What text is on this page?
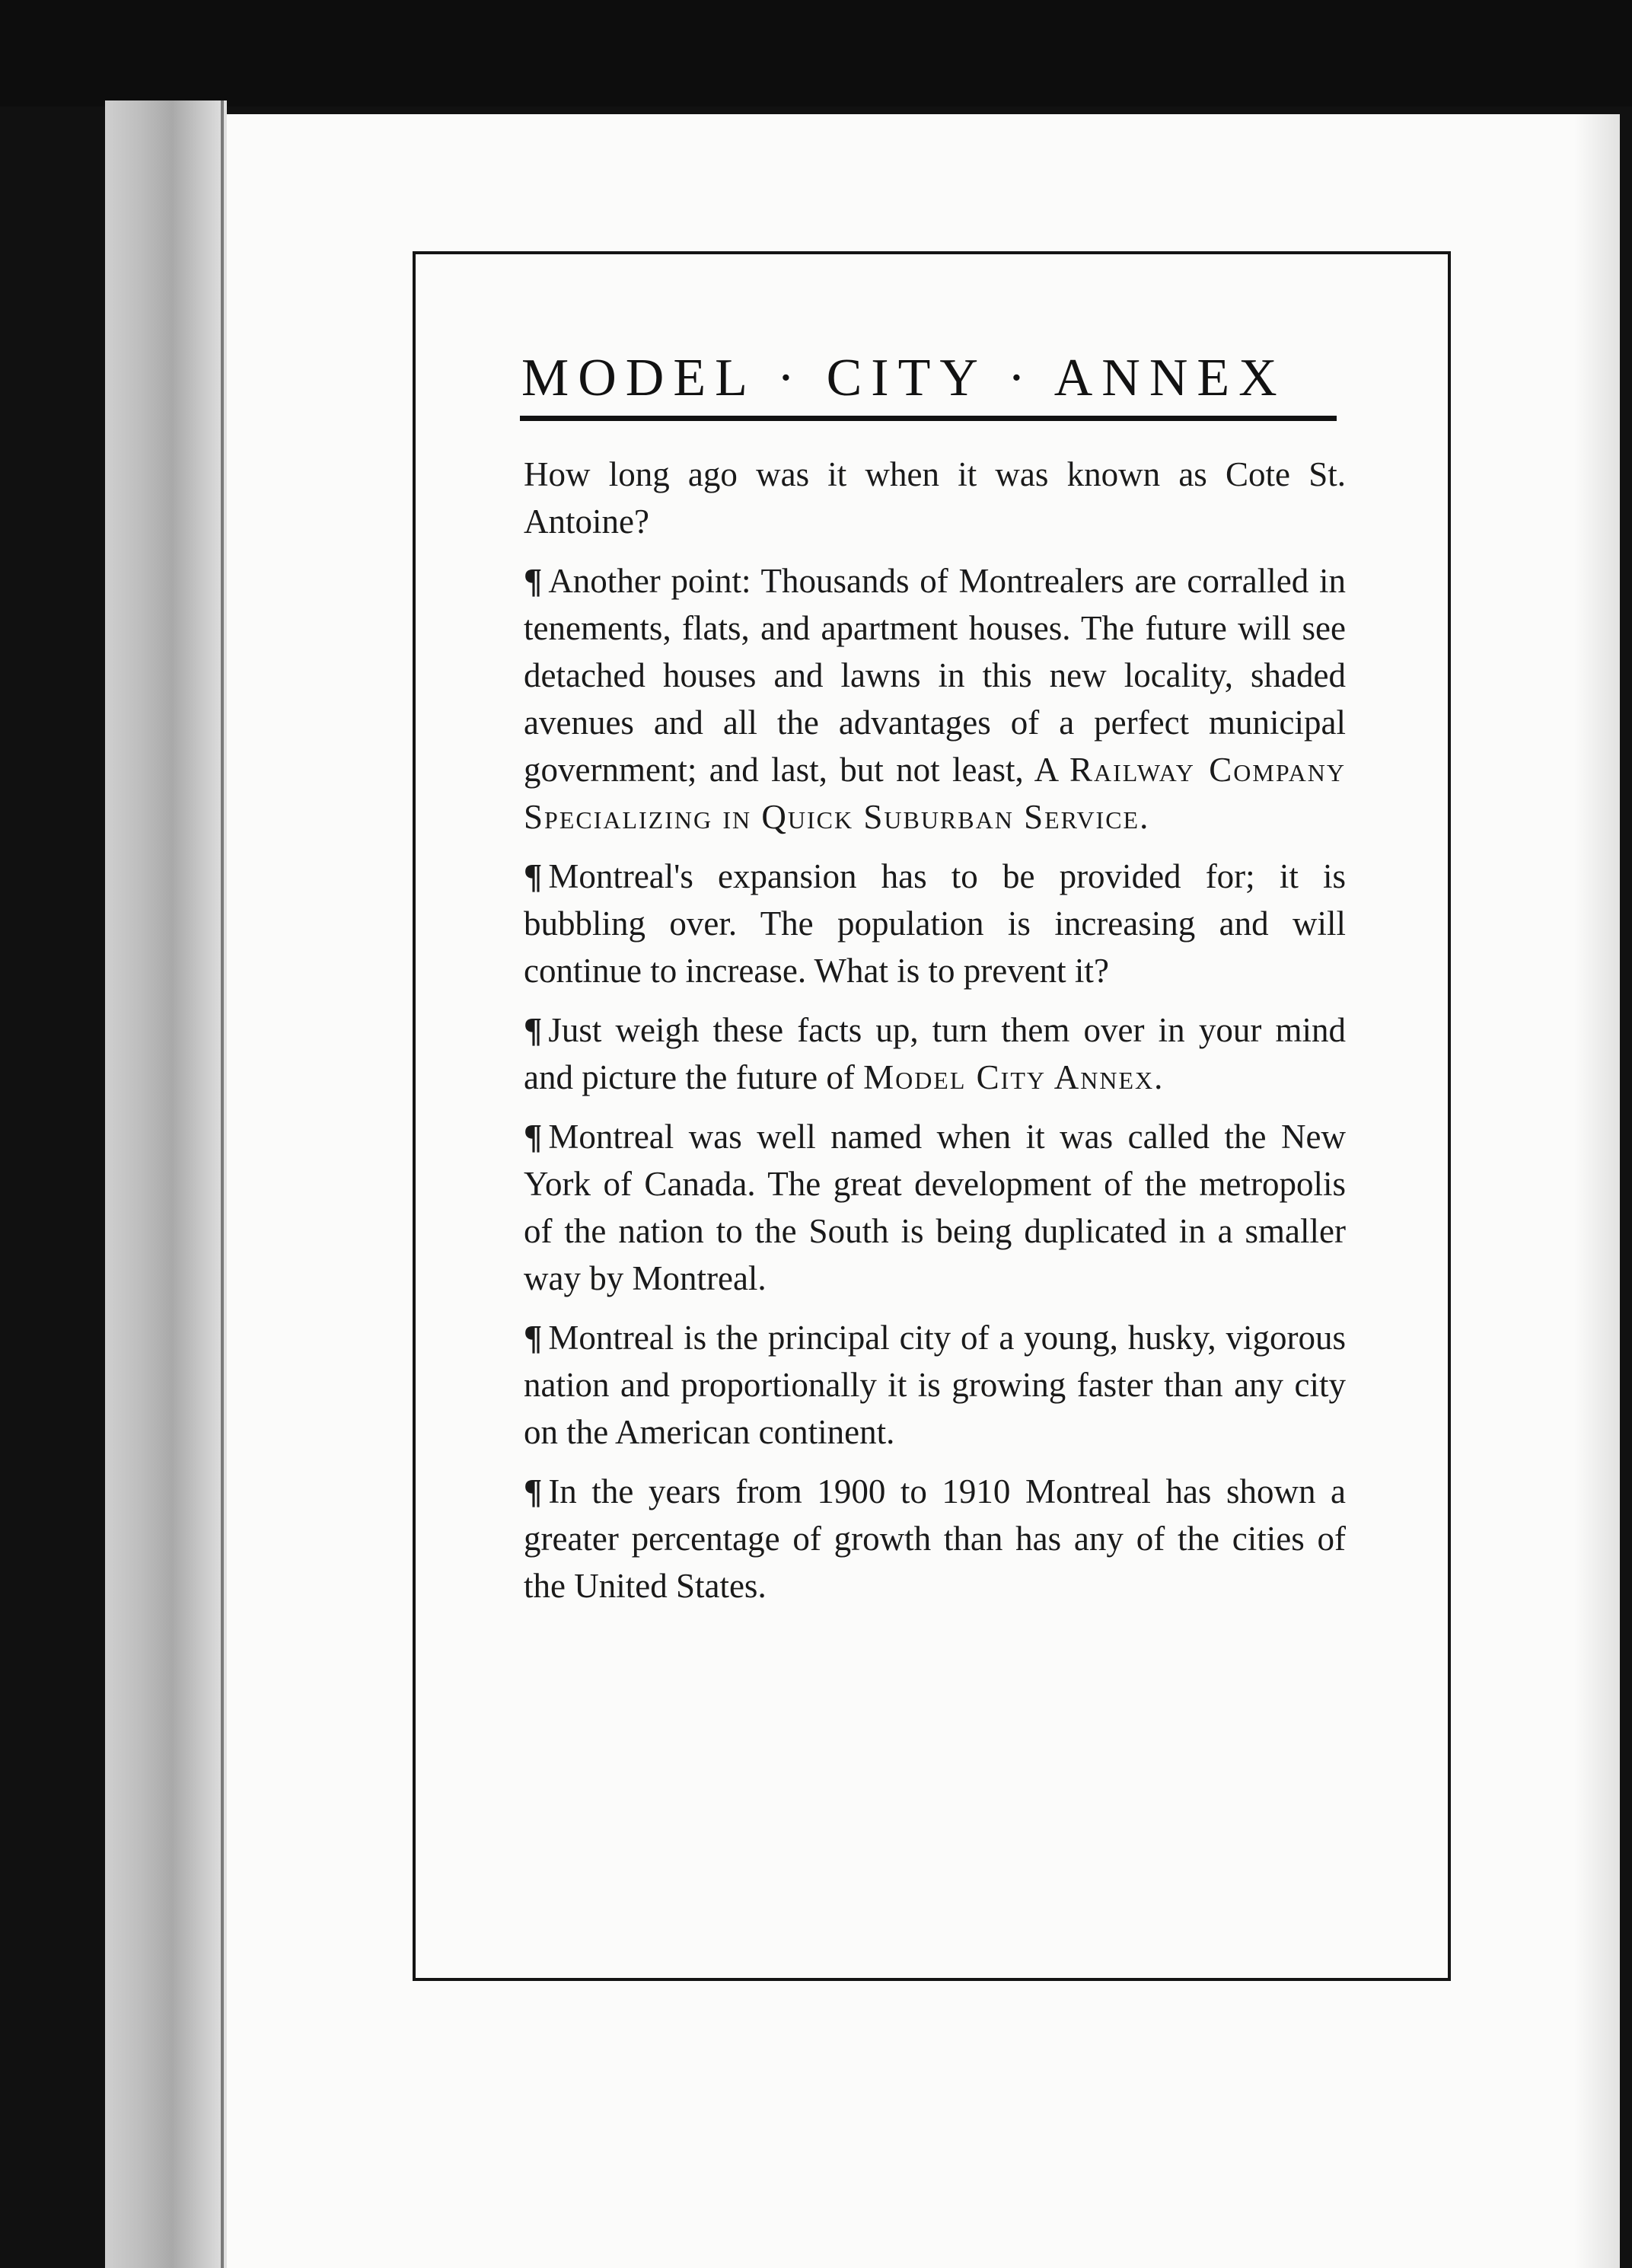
MODEL · CITY · ANNEX

How long ago was it when it was known as Cote St. Antoine?

¶ Another point: Thousands of Montrealers are corralled in tenements, flats, and apartment houses. The future will see detached houses and lawns in this new locality, shaded avenues and all the advantages of a perfect municipal government; and last, but not least, A Railway Company Specializing in Quick Suburban Service.

¶ Montreal's expansion has to be provided for; it is bubbling over. The population is increasing and will continue to increase. What is to prevent it?

¶ Just weigh these facts up, turn them over in your mind and picture the future of Model City Annex.

¶ Montreal was well named when it was called the New York of Canada. The great development of the metropolis of the nation to the South is being duplicated in a smaller way by Montreal.

¶ Montreal is the principal city of a young, husky, vigorous nation and proportionally it is growing faster than any city on the American continent.

¶ In the years from 1900 to 1910 Montreal has shown a greater percentage of growth than has any of the cities of the United States.
